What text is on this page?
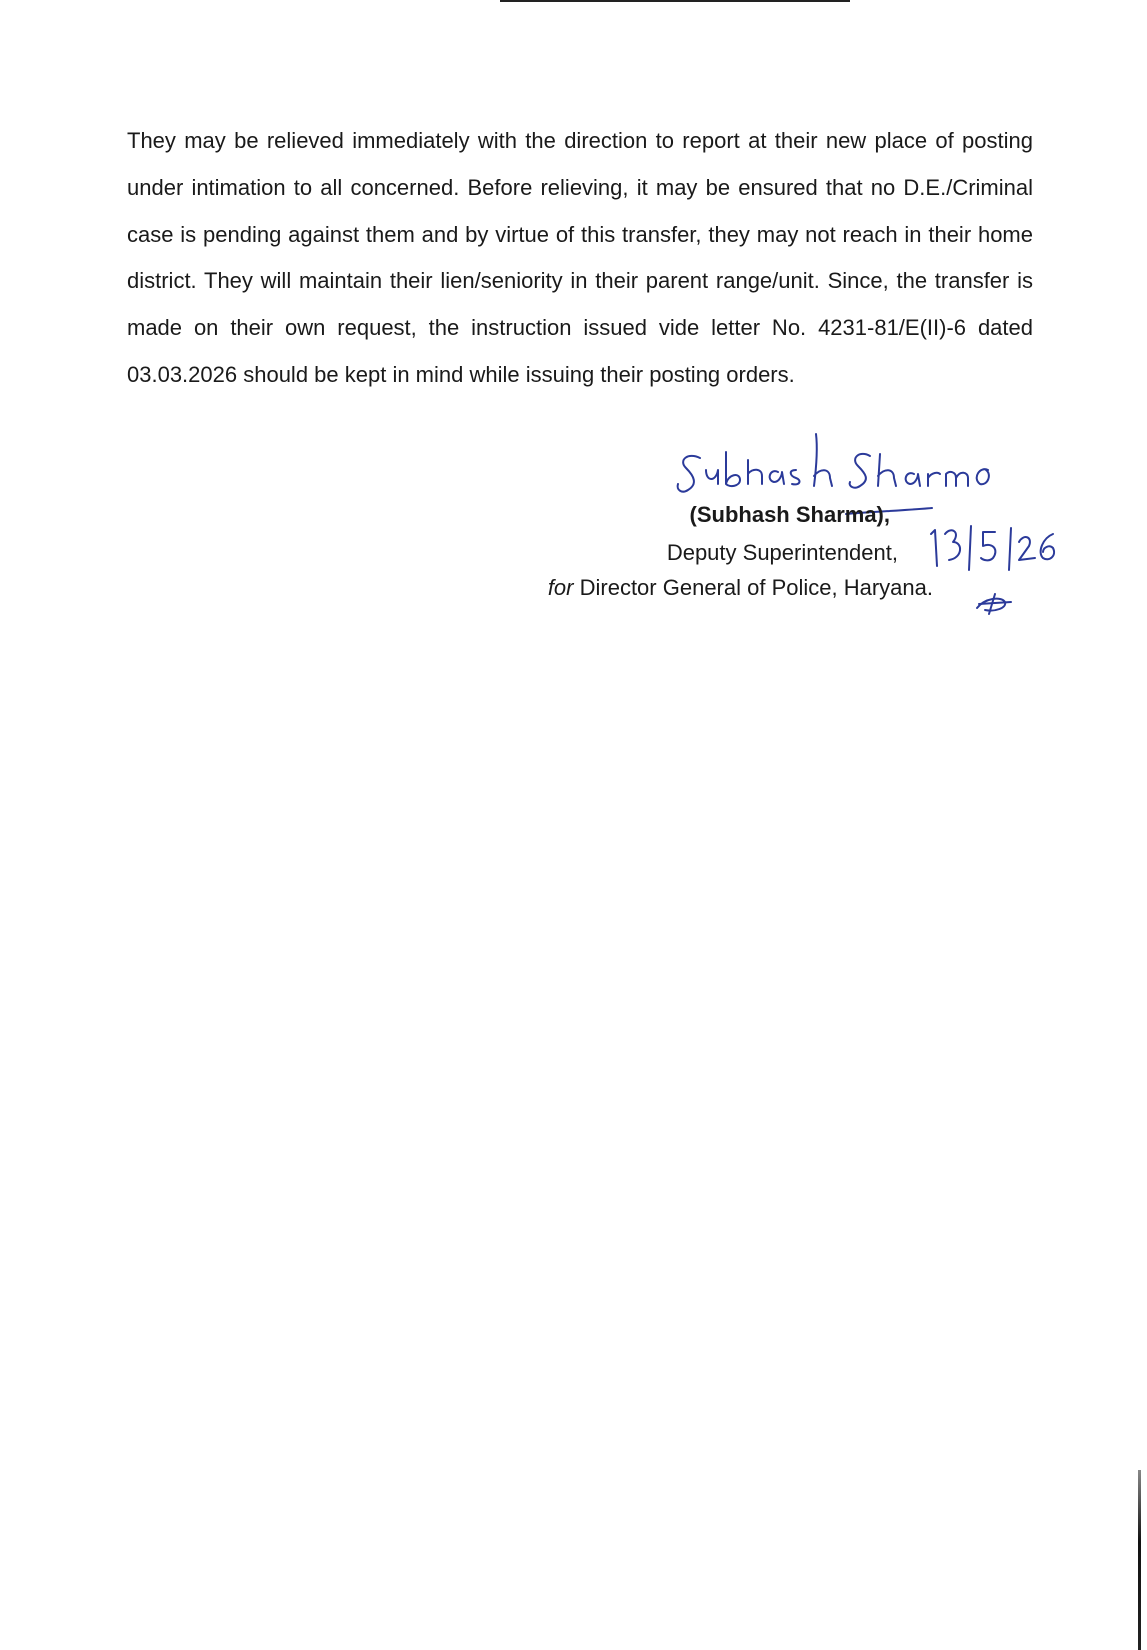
They may be relieved immediately with the direction to report at their new place of posting under intimation to all concerned. Before relieving, it may be ensured that no D.E./Criminal case is pending against them and by virtue of this transfer, they may not reach in their home district. They will maintain their lien/seniority in their parent range/unit. Since, the transfer is made on their own request, the instruction issued vide letter No. 4231-81/E(II)-6 dated 03.03.2026 should be kept in mind while issuing their posting orders.

(Subhash Sharma),
Deputy Superintendent,
for Director General of Police, Haryana.
